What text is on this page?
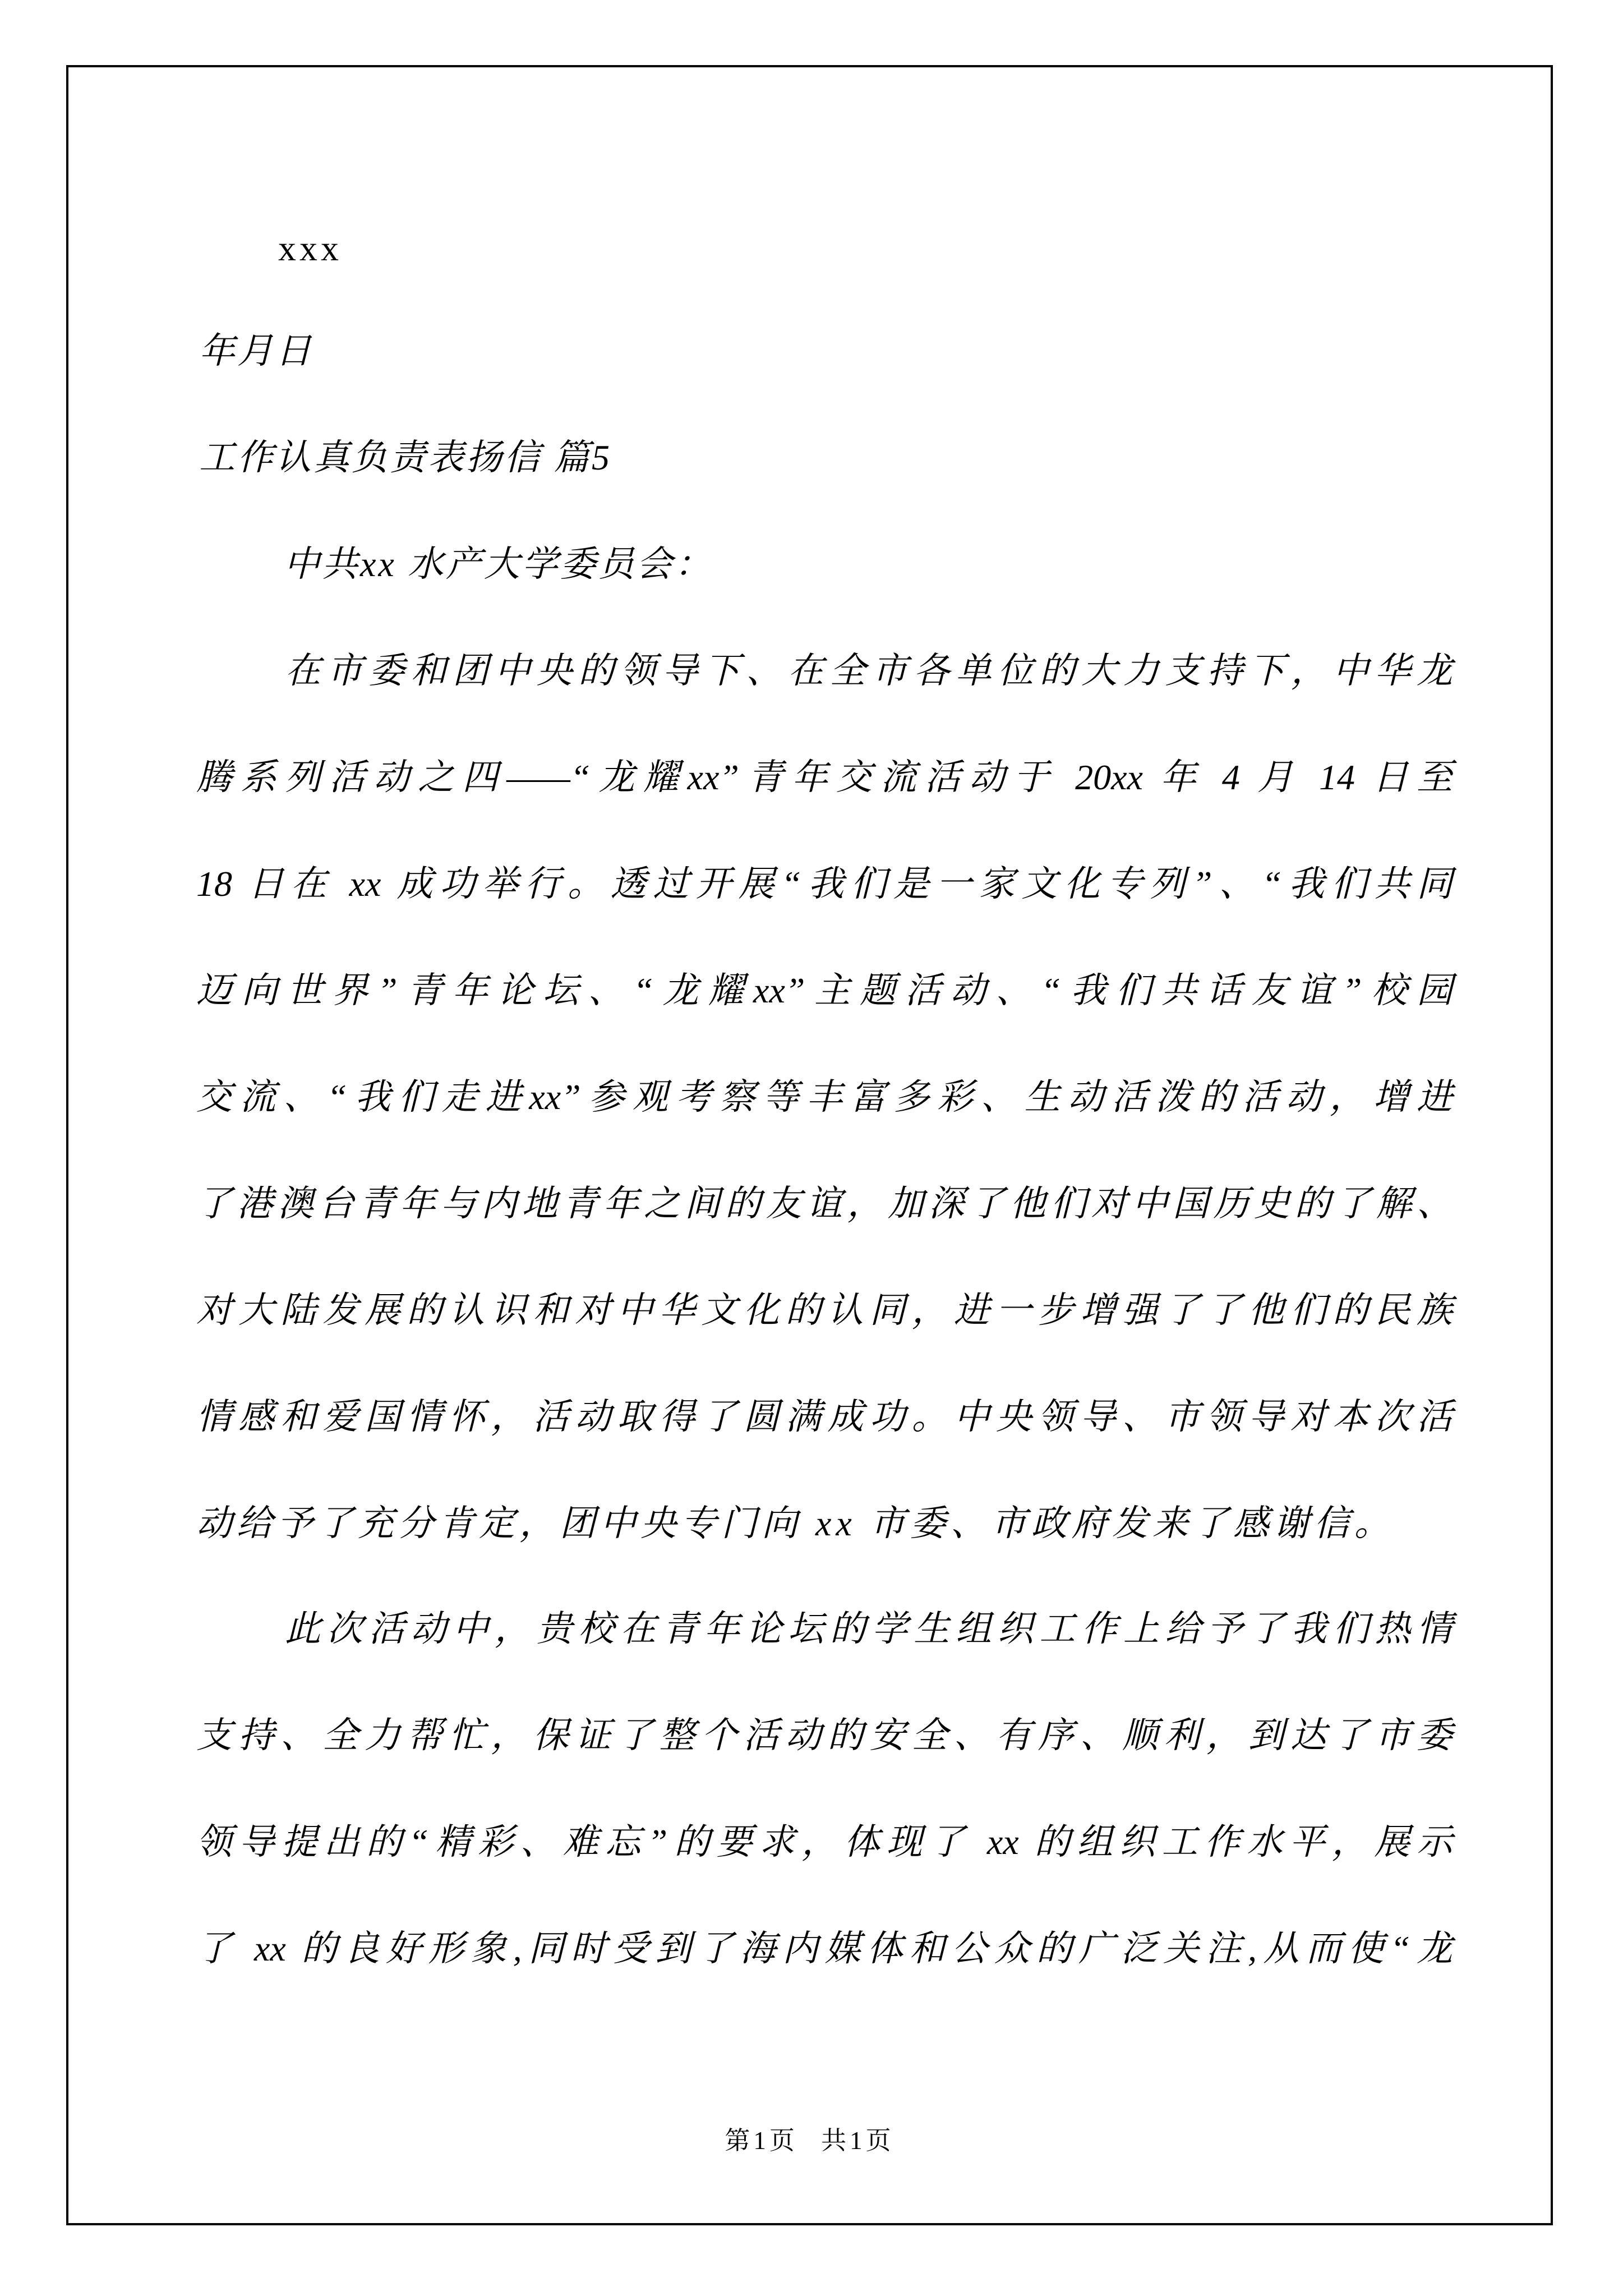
xxx
年月日
工作认真负责表扬信 篇5
中共xx 水产大学委员会：
在市委和团中央的领导下、在全市各单位的大力支持下，中华龙
腾系列活动之四——“龙耀xx”青年交流活动于 20xx 年 4 月 14 日至
18 日在 xx 成功举行。透过开展“我们是一家文化专列”、“我们共同
迈向世界”青年论坛、“龙耀xx”主题活动、“我们共话友谊”校园
交流、“我们走进xx”参观考察等丰富多彩、生动活泼的活动，增进
了港澳台青年与内地青年之间的友谊，加深了他们对中国历史的了解、
对大陆发展的认识和对中华文化的认同，进一步增强了了他们的民族
情感和爱国情怀，活动取得了圆满成功。中央领导、市领导对本次活
动给予了充分肯定，团中央专门向 xx 市委、市政府发来了感谢信。
此次活动中，贵校在青年论坛的学生组织工作上给予了我们热情
支持、全力帮忙，保证了整个活动的安全、有序、顺利，到达了市委
领导提出的“精彩、难忘”的要求，体现了 xx 的组织工作水平，展示
了 xx 的良好形象,同时受到了海内媒体和公众的广泛关注,从而使“龙
第1页 共1页
